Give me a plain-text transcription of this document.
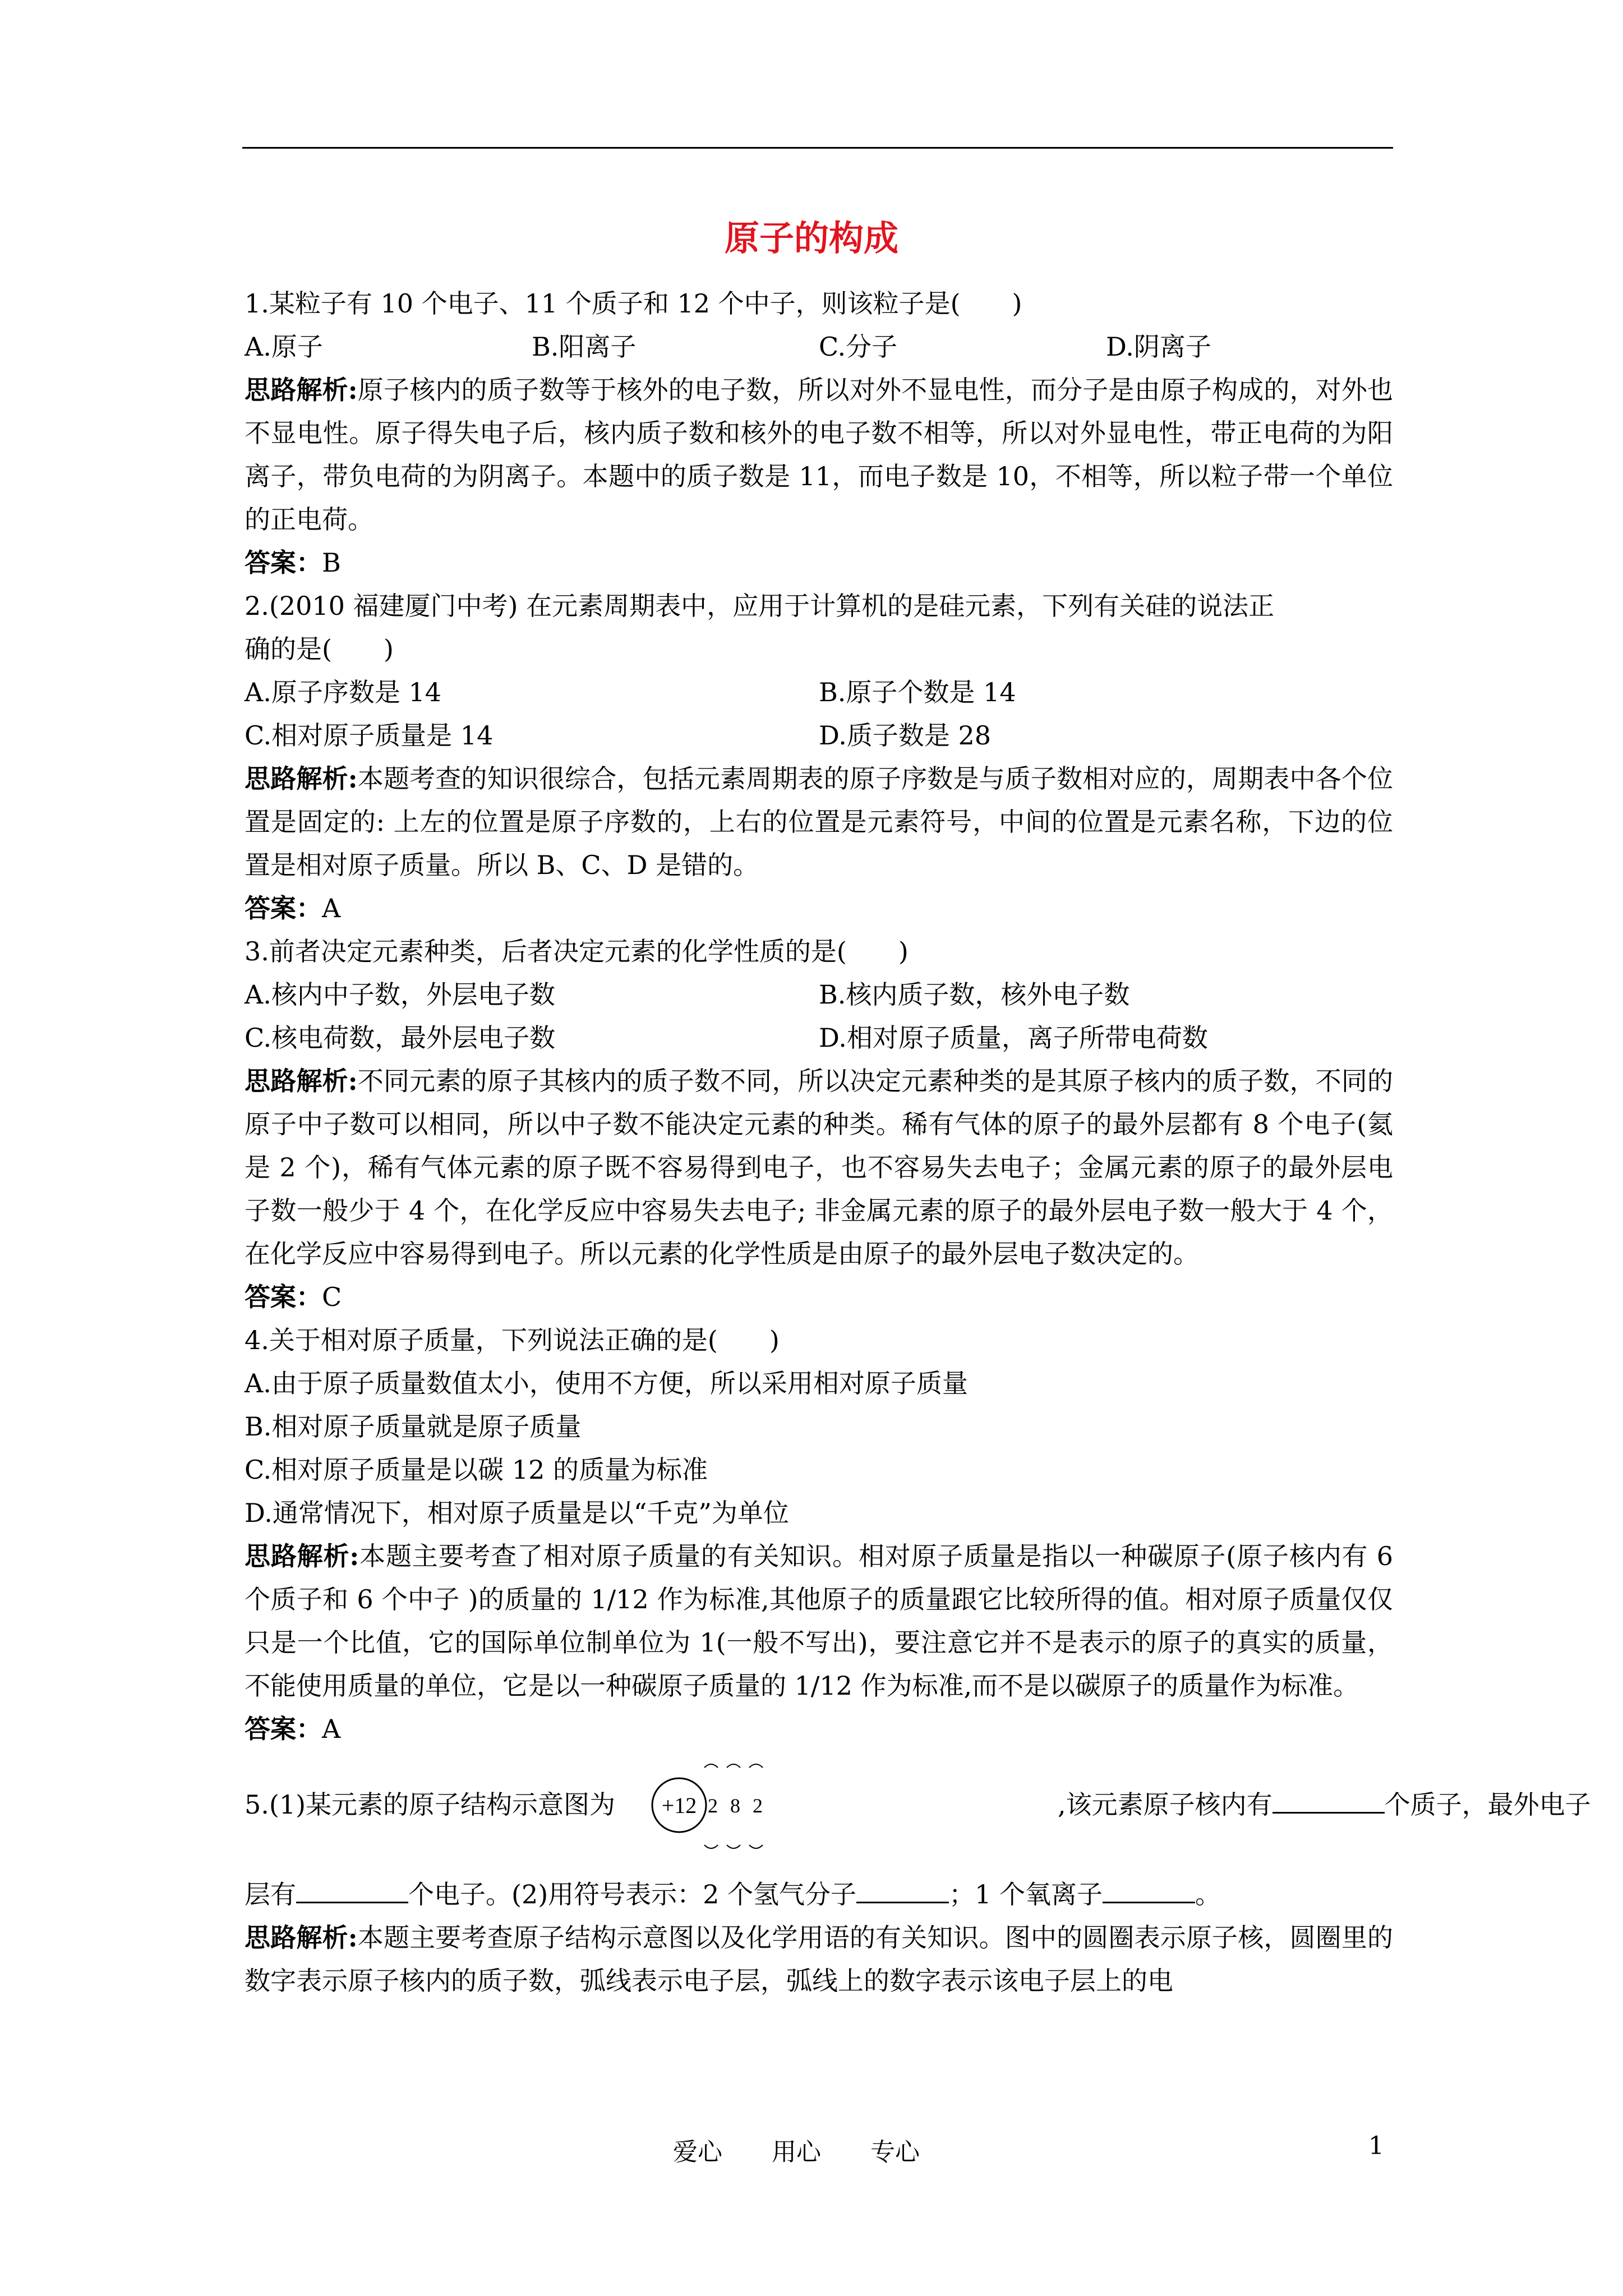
原子的构成
1.某粒子有 10 个电子、11 个质子和 12 个中子，则该粒子是(　　)
A.原子	B.阳离子	C.分子	D.阴离子
思路解析:原子核内的质子数等于核外的电子数，所以对外不显电性，而分子是由原子构成的，对外也不显电性。原子得失电子后，核内质子数和核外的电子数不相等，所以对外显电性，带正电荷的为阳离子，带负电荷的为阴离子。本题中的质子数是 11，而电子数是 10，不相等，所以粒子带一个单位的正电荷。
答案：B
2.(2010 福建厦门中考) 在元素周期表中，应用于计算机的是硅元素，下列有关硅的说法正
确的是(　　)
A.原子序数是 14	B.原子个数是 14
C.相对原子质量是 14	D.质子数是 28
思路解析:本题考查的知识很综合，包括元素周期表的原子序数是与质子数相对应的，周期表中各个位置是固定的: 上左的位置是原子序数的，上右的位置是元素符号，中间的位置是元素名称，下边的位置是相对原子质量。所以 B、C、D 是错的。
答案：A
3.前者决定元素种类，后者决定元素的化学性质的是(　　)
A.核内中子数，外层电子数	B.核内质子数，核外电子数
C.核电荷数，最外层电子数	D.相对原子质量，离子所带电荷数
思路解析:不同元素的原子其核内的质子数不同，所以决定元素种类的是其原子核内的质子数，不同的原子中子数可以相同，所以中子数不能决定元素的种类。稀有气体的原子的最外层都有 8 个电子(氦是 2 个)，稀有气体元素的原子既不容易得到电子，也不容易失去电子；金属元素的原子的最外层电子数一般少于 4 个，在化学反应中容易失去电子; 非金属元素的原子的最外层电子数一般大于 4 个，在化学反应中容易得到电子。所以元素的化学性质是由原子的最外层电子数决定的。
答案：C
4.关于相对原子质量，下列说法正确的是(　　)
A.由于原子质量数值太小，使用不方便，所以采用相对原子质量
B.相对原子质量就是原子质量
C.相对原子质量是以碳 12 的质量为标准
D.通常情况下，相对原子质量是以“千克”为单位
思路解析:本题主要考查了相对原子质量的有关知识。相对原子质量是指以一种碳原子(原子核内有 6 个质子和 6 个中子 )的质量的 1/12 作为标准,其他原子的质量跟它比较所得的值。相对原子质量仅仅只是一个比值，它的国际单位制单位为 1(一般不写出)，要注意它并不是表示的原子的真实的质量，不能使用质量的单位，它是以一种碳原子质量的 1/12 作为标准,而不是以碳原子的质量作为标准。
答案：A
5.(1)某元素的原子结构示意图为 +12 2 8 2	,该元素原子核内有	个质子，最外电子
层有	个电子。(2)用符号表示：2 个氢气分子	；1 个氧离子	。
思路解析:本题主要考查原子结构示意图以及化学用语的有关知识。图中的圆圈表示原子核，圆圈里的数字表示原子核内的质子数，弧线表示电子层，弧线上的数字表示该电子层上的电
爱心　　用心　　专心	1
